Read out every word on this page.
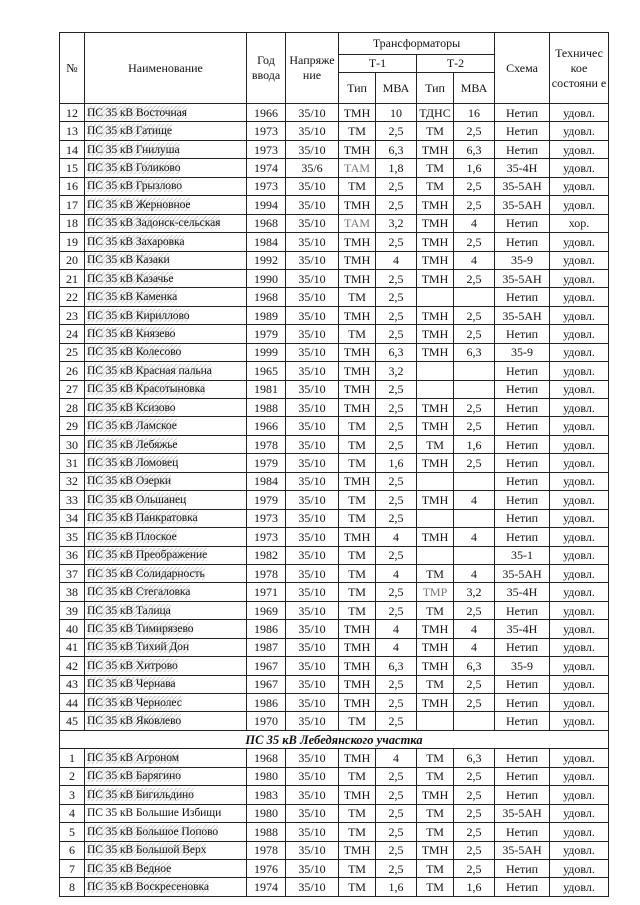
№	Наименование	Год ввода	Напряже ние	Трансформаторы				Схема	Техничес кое состояни е
				Т-1		Т-2			
				Тип	МВА	Тип	МВА		
12	ПС 35 кВ Восточная	1966	35/10	ТМН	10	ТДНС	16	Нетип	удовл.
13	ПС 35 кВ Гатище	1973	35/10	ТМ	2,5	ТМ	2,5	Нетип	удовл.
14	ПС 35 кВ Гнилуша	1973	35/10	ТМН	6,3	ТМН	6,3	Нетип	удовл.
15	ПС 35 кВ Голиково	1974	35/6	ТАМ	1,8	ТМ	1,6	35-4Н	удовл.
16	ПС 35 кВ Грызлово	1973	35/10	ТМ	2,5	ТМ	2,5	35-5АН	удовл.
17	ПС 35 кВ Жерновное	1994	35/10	ТМН	2,5	ТМН	2,5	35-5АН	удовл.
18	ПС 35 кВ Задонск-сельская	1968	35/10	ТАМ	3,2	ТМН	4	Нетип	хор.
19	ПС 35 кВ Захаровка	1984	35/10	ТМН	2,5	ТМН	2,5	Нетип	удовл.
20	ПС 35 кВ Казаки	1992	35/10	ТМН	4	ТМН	4	35-9	удовл.
21	ПС 35 кВ Казачье	1990	35/10	ТМН	2,5	ТМН	2,5	35-5АН	удовл.
22	ПС 35 кВ Каменка	1968	35/10	ТМ	2,5			Нетип	удовл.
23	ПС 35 кВ Кириллово	1989	35/10	ТМН	2,5	ТМН	2,5	35-5АН	удовл.
24	ПС 35 кВ Князево	1979	35/10	ТМ	2,5	ТМН	2,5	Нетип	удовл.
25	ПС 35 кВ Колесово	1999	35/10	ТМН	6,3	ТМН	6,3	35-9	удовл.
26	ПС 35 кВ Красная пальна	1965	35/10	ТМН	3,2			Нетип	удовл.
27	ПС 35 кВ Красотыновка	1981	35/10	ТМН	2,5			Нетип	удовл.
28	ПС 35 кВ Ксизово	1988	35/10	ТМН	2,5	ТМН	2,5	Нетип	удовл.
29	ПС 35 кВ Ламское	1966	35/10	ТМ	2,5	ТМН	2,5	Нетип	удовл.
30	ПС 35 кВ Лебяжье	1978	35/10	ТМ	2,5	ТМ	1,6	Нетип	удовл.
31	ПС 35 кВ Ломовец	1979	35/10	ТМ	1,6	ТМН	2,5	Нетип	удовл.
32	ПС 35 кВ Озерки	1984	35/10	ТМН	2,5			Нетип	удовл.
33	ПС 35 кВ Ольшанец	1979	35/10	ТМ	2,5	ТМН	4	Нетип	удовл.
34	ПС 35 кВ Панкратовка	1973	35/10	ТМ	2,5			Нетип	удовл.
35	ПС 35 кВ Плоское	1973	35/10	ТМН	4	ТМН	4	Нетип	удовл.
36	ПС 35 кВ Преображение	1982	35/10	ТМ	2,5			35-1	удовл.
37	ПС 35 кВ Солидарность	1978	35/10	ТМ	4	ТМ	4	35-5АН	удовл.
38	ПС 35 кВ Стегаловка	1971	35/10	ТМ	2,5	ТМР	3,2	35-4Н	удовл.
39	ПС 35 кВ Талица	1969	35/10	ТМ	2,5	ТМ	2,5	Нетип	удовл.
40	ПС 35 кВ Тимирязево	1986	35/10	ТМН	4	ТМН	4	35-4Н	удовл.
41	ПС 35 кВ Тихий Дон	1987	35/10	ТМН	4	ТМН	4	Нетип	удовл.
42	ПС 35 кВ Хитрово	1967	35/10	ТМН	6,3	ТМН	6,3	35-9	удовл.
43	ПС 35 кВ Чернава	1967	35/10	ТМН	2,5	ТМ	2,5	Нетип	удовл.
44	ПС 35 кВ Чернолес	1986	35/10	ТМН	2,5	ТМН	2,5	Нетип	удовл.
45	ПС 35 кВ Яковлево	1970	35/10	ТМ	2,5			Нетип	удовл.
ПС 35 кВ Лебедянского участка									
1	ПС 35 кВ Агроном	1968	35/10	ТМН	4	ТМ	6,3	Нетип	удовл.
2	ПС 35 кВ Барягино	1980	35/10	ТМ	2,5	ТМ	2,5	Нетип	удовл.
3	ПС 35 кВ Бигильдино	1983	35/10	ТМН	2,5	ТМН	2,5	Нетип	удовл.
4	ПС 35 кВ Большие Избищи	1980	35/10	ТМ	2,5	ТМ	2,5	35-5АН	удовл.
5	ПС 35 кВ Большое Попово	1988	35/10	ТМ	2,5	ТМ	2,5	Нетип	удовл.
6	ПС 35 кВ Большой Верх	1978	35/10	ТМН	2,5	ТМН	2,5	35-5АН	удовл.
7	ПС 35 кВ Ведное	1976	35/10	ТМ	2,5	ТМ	2,5	Нетип	удовл.
8	ПС 35 кВ Воскресеновка	1974	35/10	ТМ	1,6	ТМ	1,6	Нетип	удовл.
